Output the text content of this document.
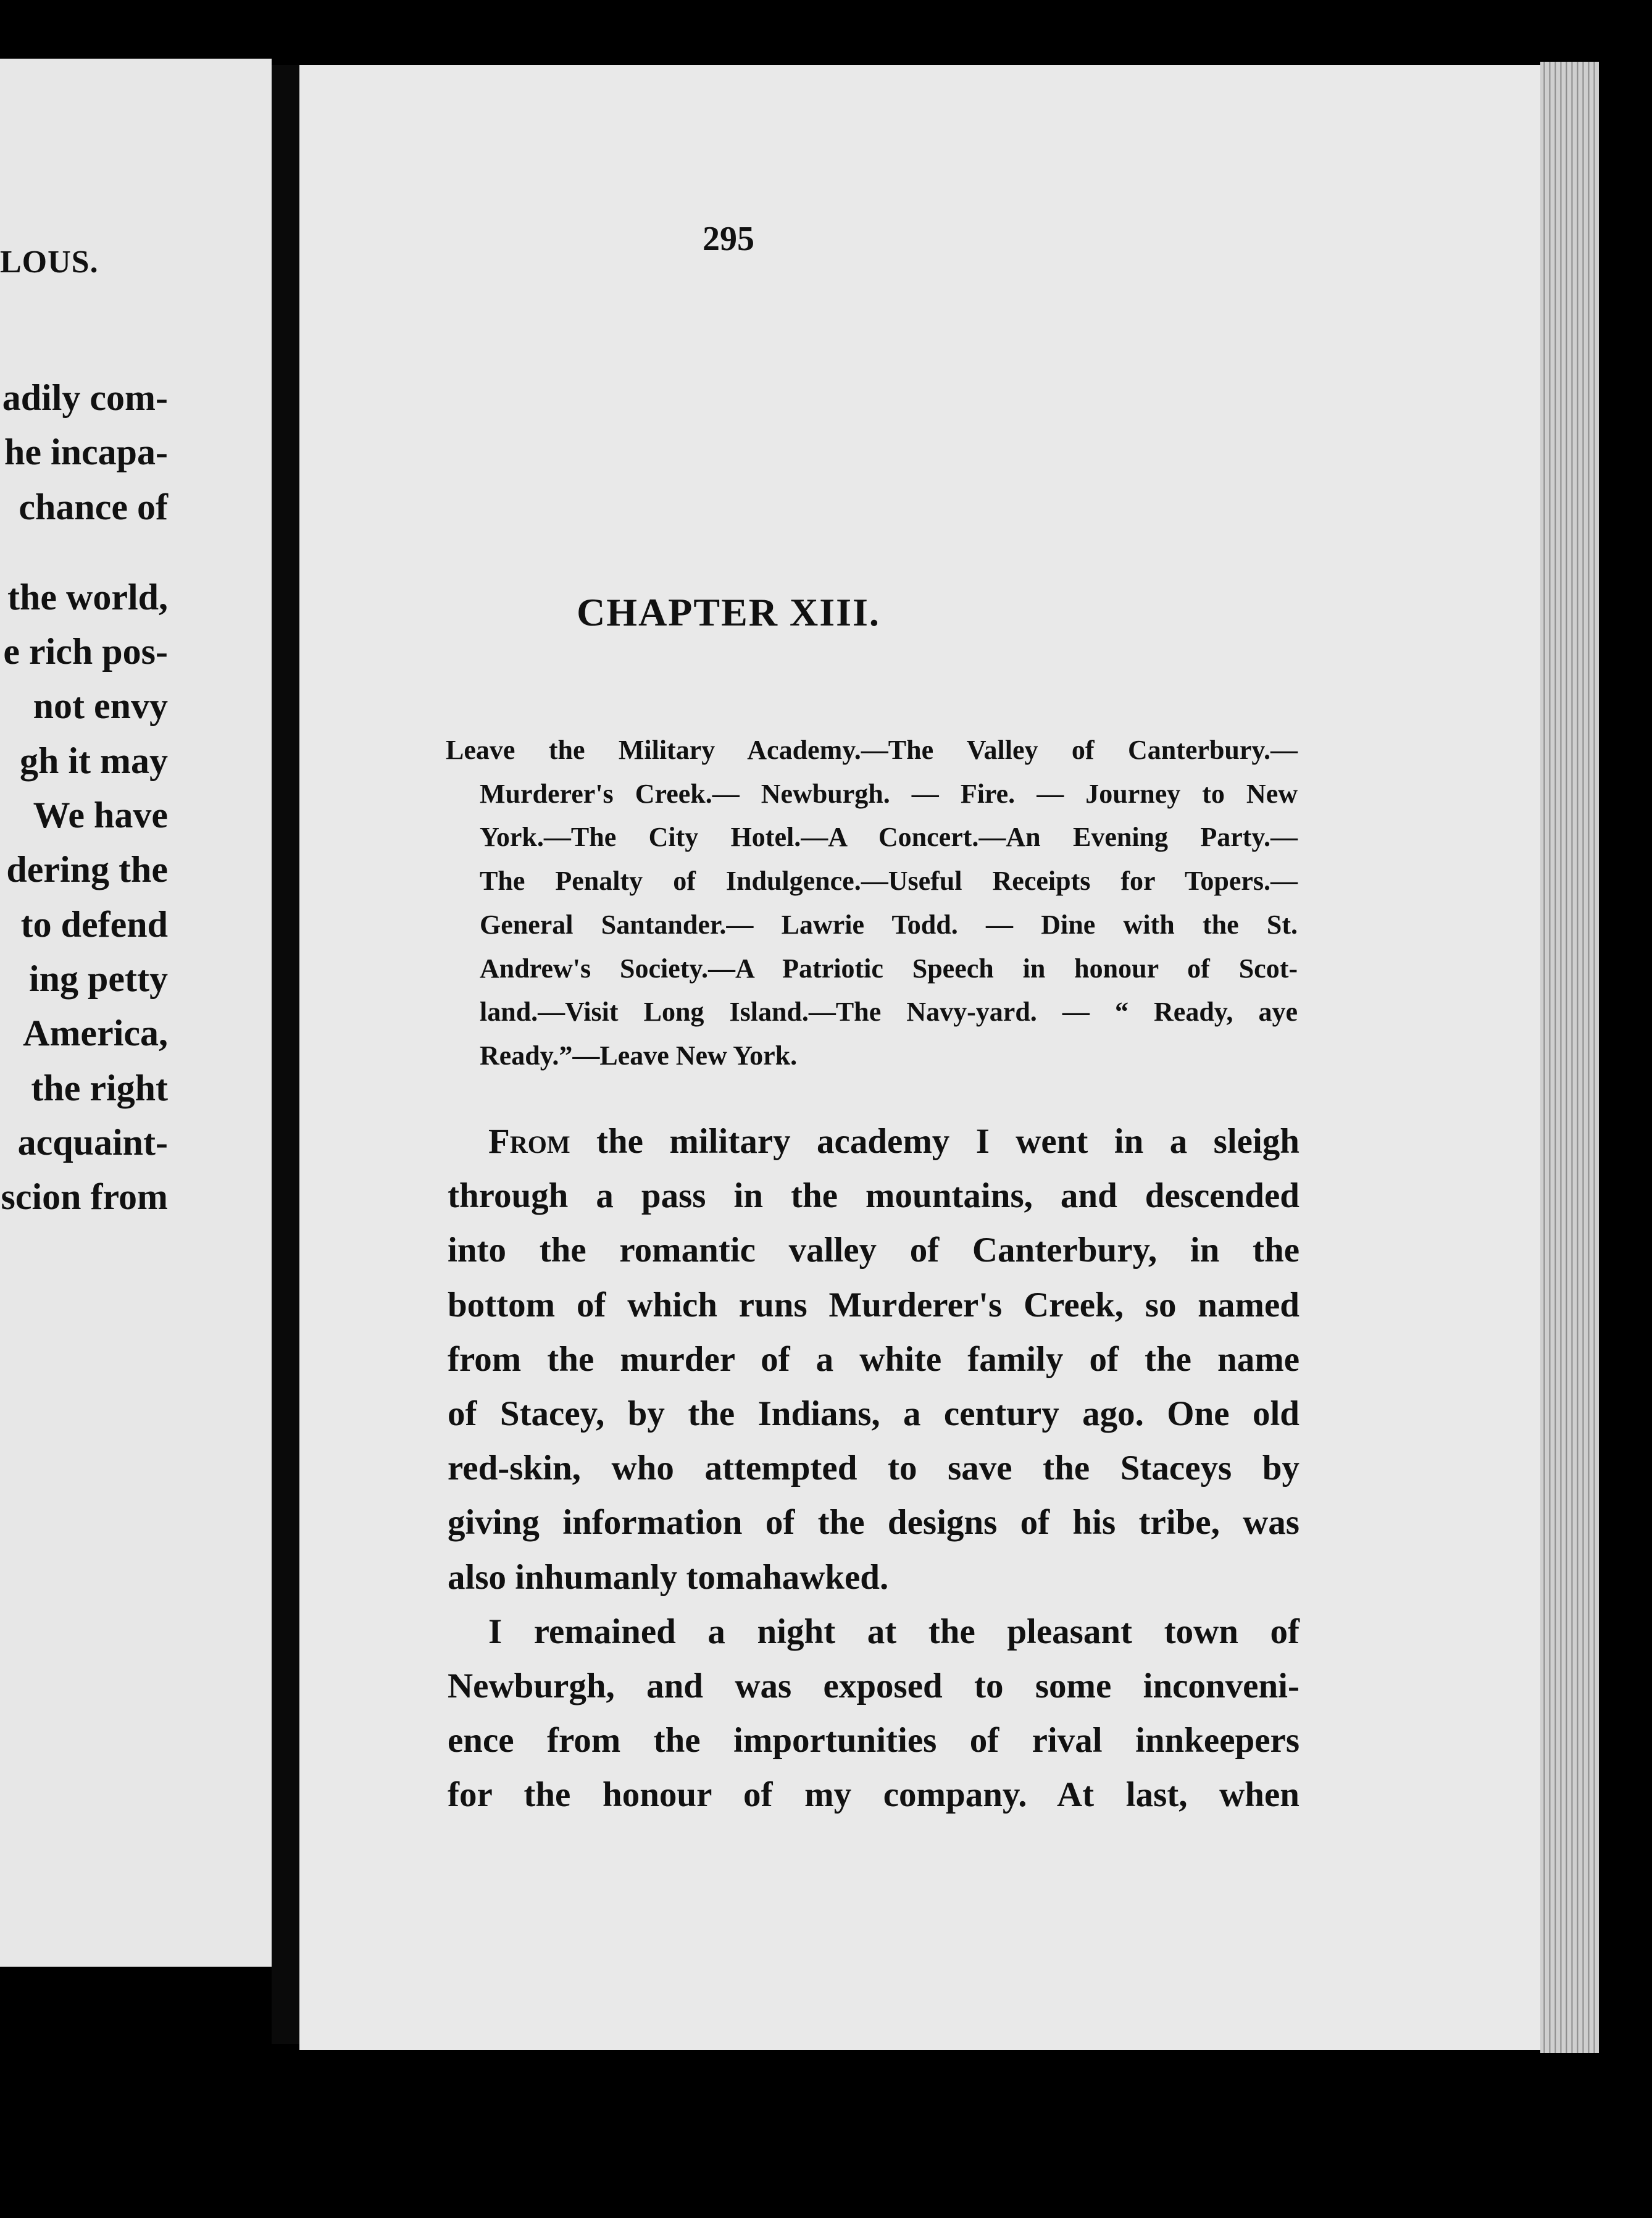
LOUS.
adily com-
he incapa-
chance of
the world,
e rich pos-
not envy
gh it may
We have
dering the
to defend
ing petty
America,
the right
acquaint-
scion from
295
CHAPTER XIII.
Leave the Military Academy.—The Valley of Canterbury.—
Murderer's Creek.— Newburgh. — Fire. — Journey to New
York.—The City Hotel.—A Concert.—An Evening Party.—
The Penalty of Indulgence.—Useful Receipts for Topers.—
General Santander.— Lawrie Todd. — Dine with the St.
Andrew's Society.—A Patriotic Speech in honour of Scot-
land.—Visit Long Island.—The Navy-yard. — “ Ready, aye
Ready.”—Leave New York.
From the military academy I went in a sleigh
through a pass in the mountains, and descended
into the romantic valley of Canterbury, in the
bottom of which runs Murderer's Creek, so named
from the murder of a white family of the name
of Stacey, by the Indians, a century ago. One old
red-skin, who attempted to save the Staceys by
giving information of the designs of his tribe, was
also inhumanly tomahawked.
I remained a night at the pleasant town of
Newburgh, and was exposed to some inconveni-
ence from the importunities of rival innkeepers
for the honour of my company. At last, when
